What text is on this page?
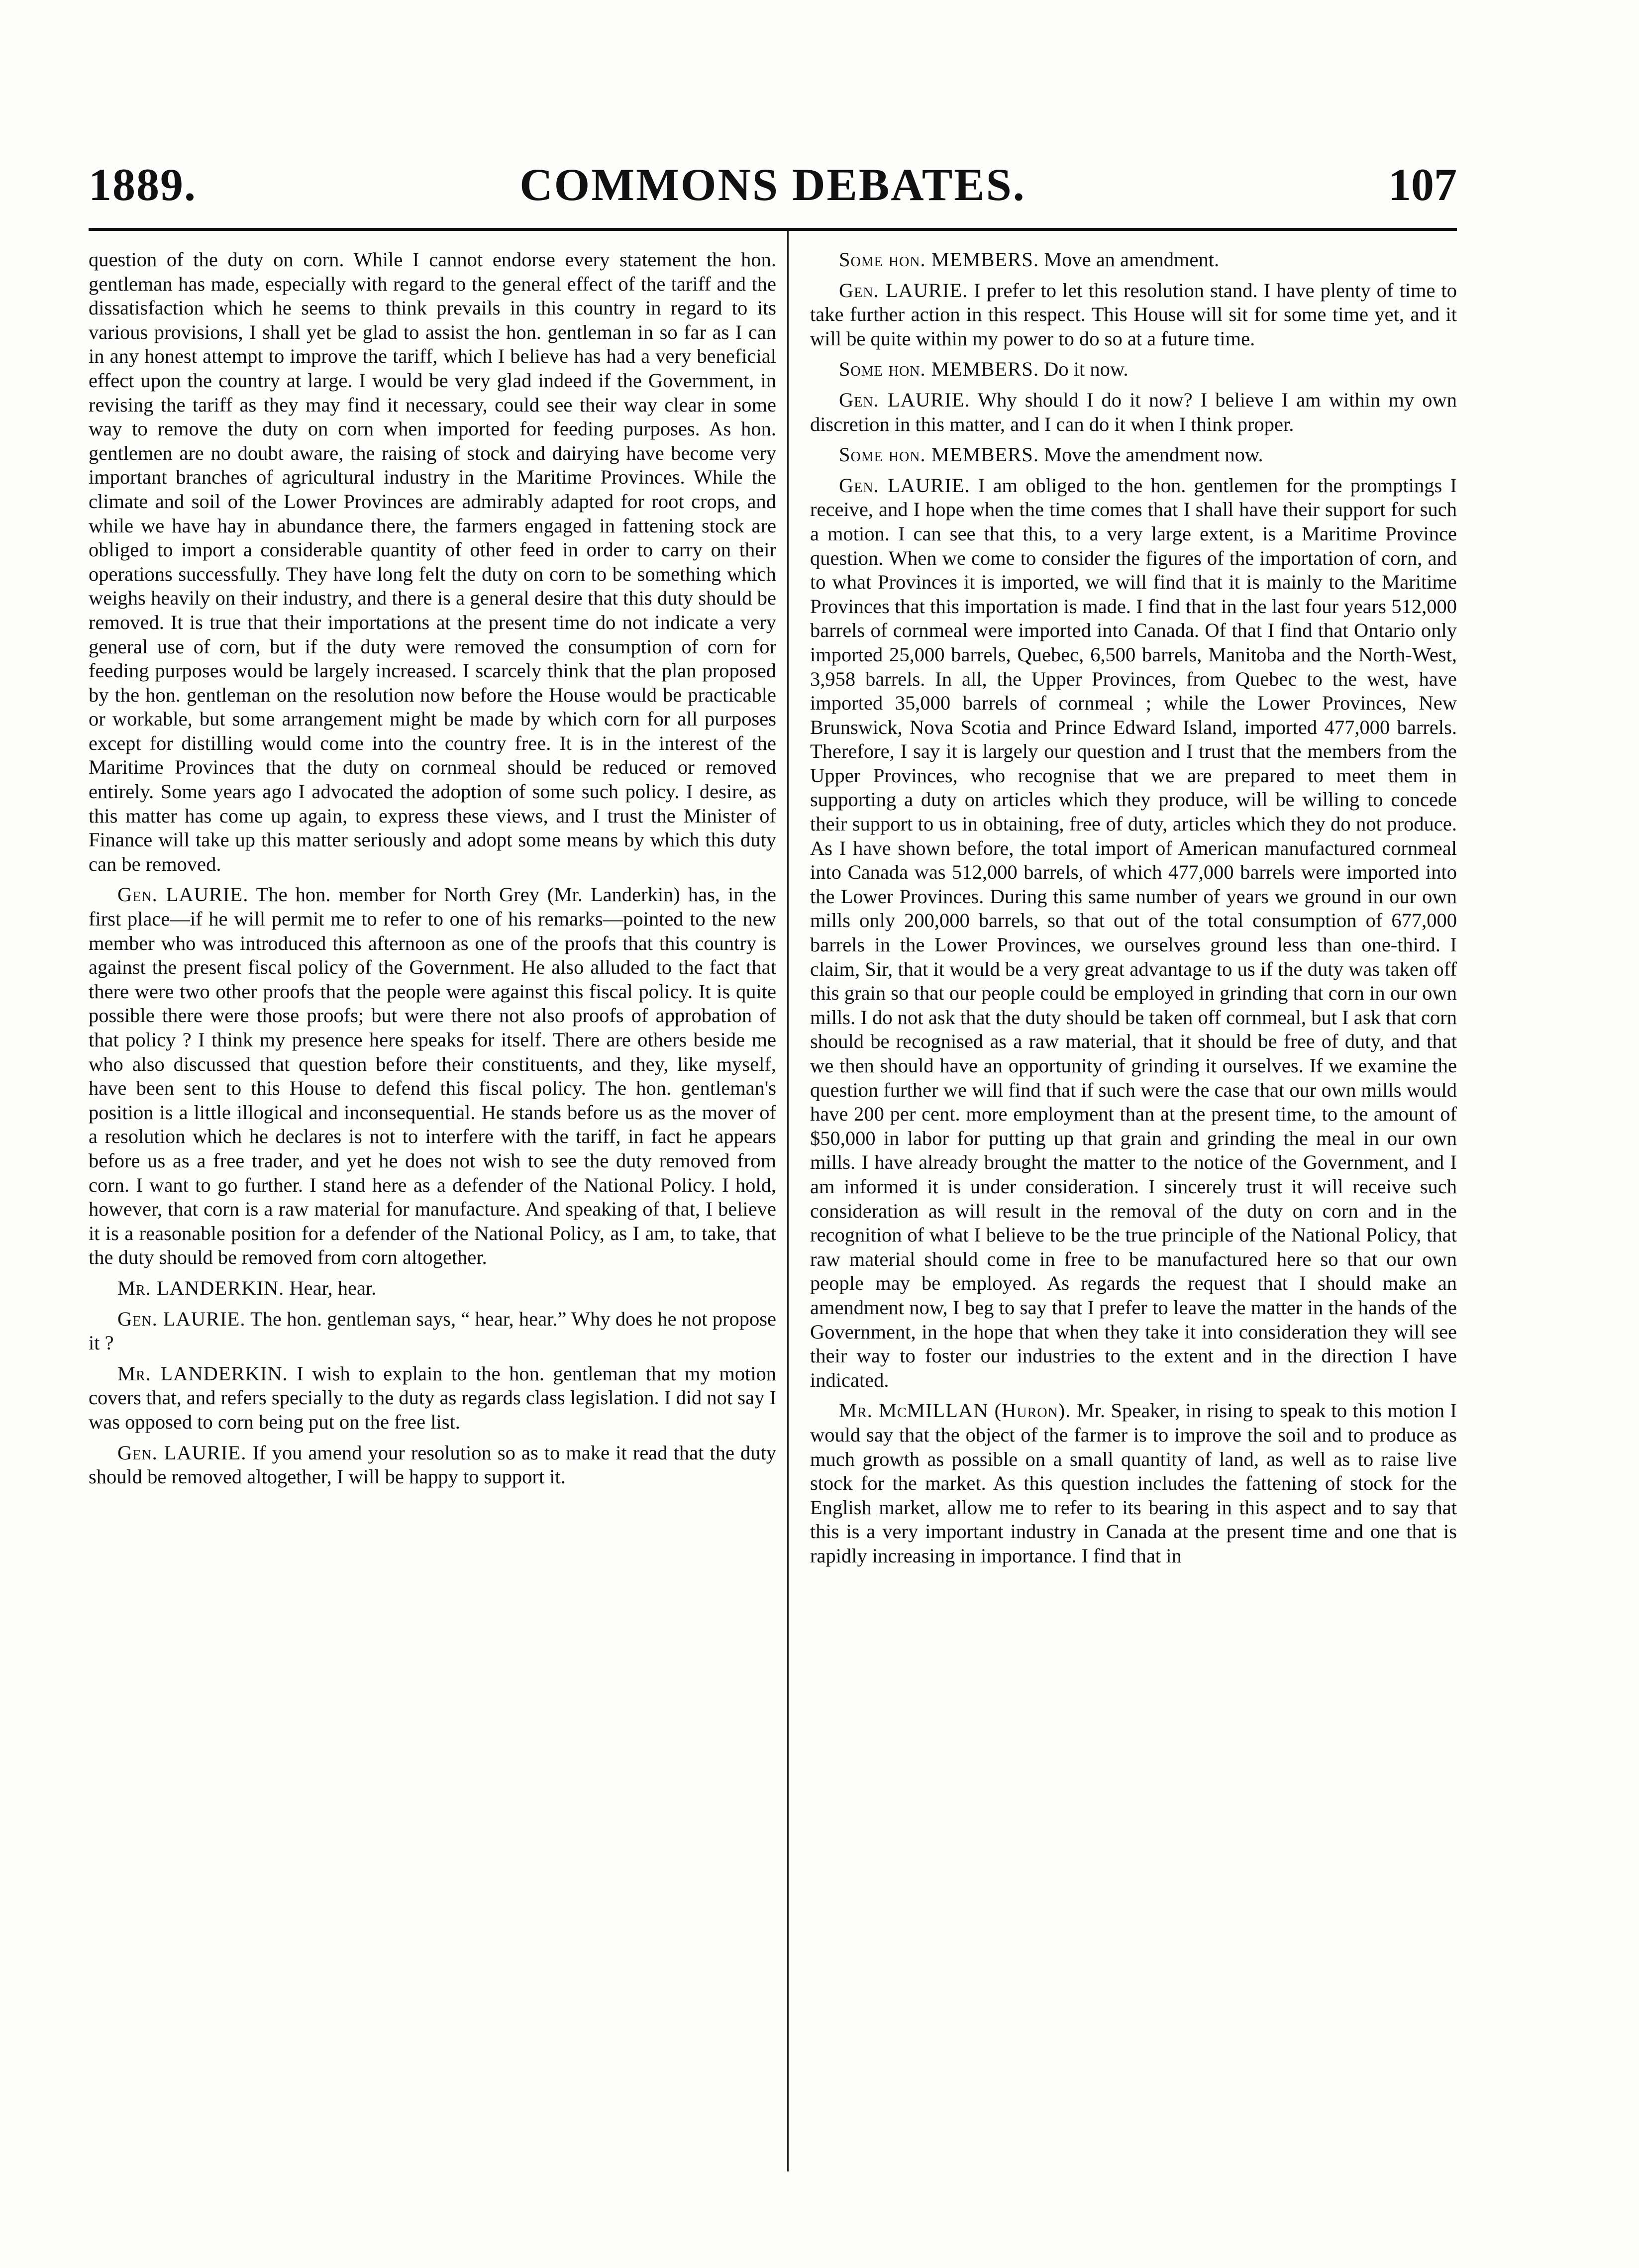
1889.	COMMONS DEBATES.	107

question of the duty on corn. While I cannot endorse every statement the hon. gentleman has made, especially with regard to the general effect of the tariff and the dissatisfaction which he seems to think prevails in this country in regard to its various provisions, I shall yet be glad to assist the hon. gentleman in so far as I can in any honest attempt to improve the tariff, which I believe has had a very beneficial effect upon the country at large. I would be very glad indeed if the Government, in revising the tariff as they may find it necessary, could see their way clear in some way to remove the duty on corn when imported for feeding purposes. As hon. gentlemen are no doubt aware, the raising of stock and dairying have become very important branches of agricultural industry in the Maritime Provinces. While the climate and soil of the Lower Provinces are admirably adapted for root crops, and while we have hay in abundance there, the farmers engaged in fattening stock are obliged to import a considerable quantity of other feed in order to carry on their operations successfully. They have long felt the duty on corn to be something which weighs heavily on their industry, and there is a general desire that this duty should be removed. It is true that their importations at the present time do not indicate a very general use of corn, but if the duty were removed the consumption of corn for feeding purposes would be largely increased. I scarcely think that the plan proposed by the hon. gentleman on the resolution now before the House would be practicable or workable, but some arrangement might be made by which corn for all purposes except for distilling would come into the country free. It is in the interest of the Maritime Provinces that the duty on cornmeal should be reduced or removed entirely. Some years ago I advocated the adoption of some such policy. I desire, as this matter has come up again, to express these views, and I trust the Minister of Finance will take up this matter seriously and adopt some means by which this duty can be removed.

Gen. LAURIE. The hon. member for North Grey (Mr. Landerkin) has, in the first place—if he will permit me to refer to one of his remarks—pointed to the new member who was introduced this afternoon as one of the proofs that this country is against the present fiscal policy of the Government. He also alluded to the fact that there were two other proofs that the people were against this fiscal policy. It is quite possible there were those proofs; but were there not also proofs of approbation of that policy ? I think my presence here speaks for itself. There are others beside me who also discussed that question before their constituents, and they, like myself, have been sent to this House to defend this fiscal policy. The hon. gentleman's position is a little illogical and inconsequential. He stands before us as the mover of a resolution which he declares is not to interfere with the tariff, in fact he appears before us as a free trader, and yet he does not wish to see the duty removed from corn. I want to go further. I stand here as a defender of the National Policy. I hold, however, that corn is a raw material for manufacture. And speaking of that, I believe it is a reasonable position for a defender of the National Policy, as I am, to take, that the duty should be removed from corn altogether.

Mr. LANDERKIN. Hear, hear.

Gen. LAURIE. The hon. gentleman says, “ hear, hear.” Why does he not propose it ?

Mr. LANDERKIN. I wish to explain to the hon. gentleman that my motion covers that, and refers specially to the duty as regards class legislation. I did not say I was opposed to corn being put on the free list.

Gen. LAURIE. If you amend your resolution so as to make it read that the duty should be removed altogether, I will be happy to support it.

Some hon. MEMBERS. Move an amendment.

Gen. LAURIE. I prefer to let this resolution stand. I have plenty of time to take further action in this respect. This House will sit for some time yet, and it will be quite within my power to do so at a future time.

Some hon. MEMBERS. Do it now.

Gen. LAURIE. Why should I do it now? I believe I am within my own discretion in this matter, and I can do it when I think proper.

Some hon. MEMBERS. Move the amendment now.

Gen. LAURIE. I am obliged to the hon. gentlemen for the promptings I receive, and I hope when the time comes that I shall have their support for such a motion. I can see that this, to a very large extent, is a Maritime Province question. When we come to consider the figures of the importation of corn, and to what Provinces it is imported, we will find that it is mainly to the Maritime Provinces that this importation is made. I find that in the last four years 512,000 barrels of cornmeal were imported into Canada. Of that I find that Ontario only imported 25,000 barrels, Quebec, 6,500 barrels, Manitoba and the North-West, 3,958 barrels. In all, the Upper Provinces, from Quebec to the west, have imported 35,000 barrels of cornmeal ; while the Lower Provinces, New Brunswick, Nova Scotia and Prince Edward Island, imported 477,000 barrels. Therefore, I say it is largely our question and I trust that the members from the Upper Provinces, who recognise that we are prepared to meet them in supporting a duty on articles which they produce, will be willing to concede their support to us in obtaining, free of duty, articles which they do not produce. As I have shown before, the total import of American manufactured cornmeal into Canada was 512,000 barrels, of which 477,000 barrels were imported into the Lower Provinces. During this same number of years we ground in our own mills only 200,000 barrels, so that out of the total consumption of 677,000 barrels in the Lower Provinces, we ourselves ground less than one-third. I claim, Sir, that it would be a very great advantage to us if the duty was taken off this grain so that our people could be employed in grinding that corn in our own mills. I do not ask that the duty should be taken off cornmeal, but I ask that corn should be recognised as a raw material, that it should be free of duty, and that we then should have an opportunity of grinding it ourselves. If we examine the question further we will find that if such were the case that our own mills would have 200 per cent. more employment than at the present time, to the amount of $50,000 in labor for putting up that grain and grinding the meal in our own mills. I have already brought the matter to the notice of the Government, and I am informed it is under consideration. I sincerely trust it will receive such consideration as will result in the removal of the duty on corn and in the recognition of what I believe to be the true principle of the National Policy, that raw material should come in free to be manufactured here so that our own people may be employed. As regards the request that I should make an amendment now, I beg to say that I prefer to leave the matter in the hands of the Government, in the hope that when they take it into consideration they will see their way to foster our industries to the extent and in the direction I have indicated.

Mr. McMILLAN (Huron). Mr. Speaker, in rising to speak to this motion I would say that the object of the farmer is to improve the soil and to produce as much growth as possible on a small quantity of land, as well as to raise live stock for the market. As this question includes the fattening of stock for the English market, allow me to refer to its bearing in this aspect and to say that this is a very important industry in Canada at the present time and one that is rapidly increasing in importance. I find that in
